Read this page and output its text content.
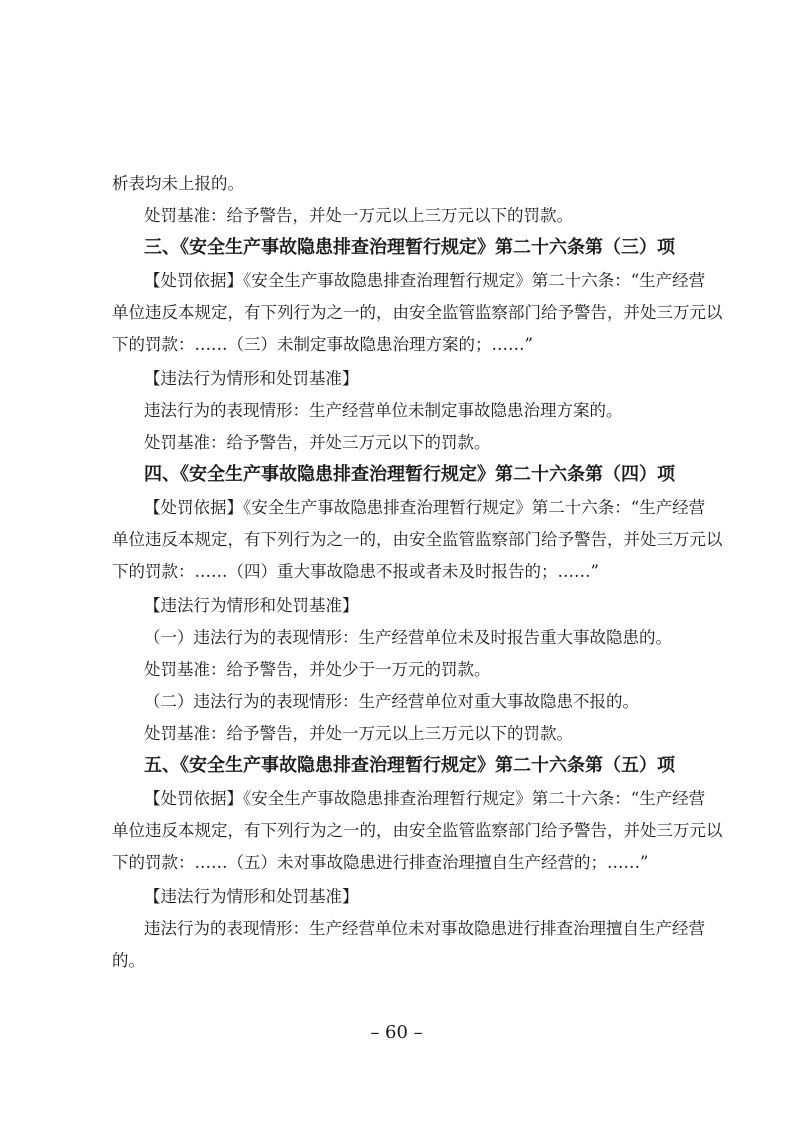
析表均未上报的。
处罚基准：给予警告，并处一万元以上三万元以下的罚款。
三、《安全生产事故隐患排查治理暂行规定》第二十六条第（三）项
【处罚依据】《安全生产事故隐患排查治理暂行规定》第二十六条：“生产经营
单位违反本规定，有下列行为之一的，由安全监管监察部门给予警告，并处三万元以
下的罚款：……（三）未制定事故隐患治理方案的；……”
【违法行为情形和处罚基准】
违法行为的表现情形：生产经营单位未制定事故隐患治理方案的。
处罚基准：给予警告，并处三万元以下的罚款。
四、《安全生产事故隐患排查治理暂行规定》第二十六条第（四）项
【处罚依据】《安全生产事故隐患排查治理暂行规定》第二十六条：“生产经营
单位违反本规定，有下列行为之一的，由安全监管监察部门给予警告，并处三万元以
下的罚款：……（四）重大事故隐患不报或者未及时报告的；……”
【违法行为情形和处罚基准】
（一）违法行为的表现情形：生产经营单位未及时报告重大事故隐患的。
处罚基准：给予警告，并处少于一万元的罚款。
（二）违法行为的表现情形：生产经营单位对重大事故隐患不报的。
处罚基准：给予警告，并处一万元以上三万元以下的罚款。
五、《安全生产事故隐患排查治理暂行规定》第二十六条第（五）项
【处罚依据】《安全生产事故隐患排查治理暂行规定》第二十六条：“生产经营
单位违反本规定，有下列行为之一的，由安全监管监察部门给予警告，并处三万元以
下的罚款：……（五）未对事故隐患进行排查治理擅自生产经营的；……”
【违法行为情形和处罚基准】
违法行为的表现情形：生产经营单位未对事故隐患进行排查治理擅自生产经营
的。
– 60 –
